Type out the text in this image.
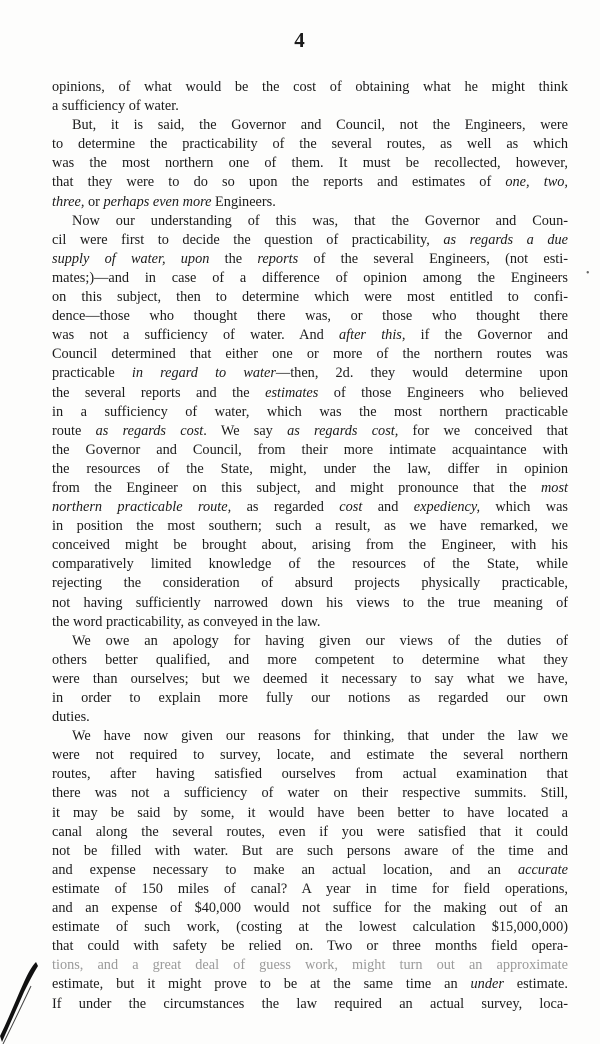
4
opinions, of what would be the cost of obtaining what he might think
a sufficiency of water.
But, it is said, the Governor and Council, not the Engineers, were
to determine the practicability of the several routes, as well as which
was the most northern one of them. It must be recollected, however,
that they were to do so upon the reports and estimates of one, two,
three, or perhaps even more Engineers.
Now our understanding of this was, that the Governor and Coun-
cil were first to decide the question of practicability, as regards a due
supply of water, upon the reports of the several Engineers, (not esti-
mates;)—and in case of a difference of opinion among the Engineers
on this subject, then to determine which were most entitled to confi-
dence—those who thought there was, or those who thought there
was not a sufficiency of water. And after this, if the Governor and
Council determined that either one or more of the northern routes was
practicable in regard to water—then, 2d. they would determine upon
the several reports and the estimates of those Engineers who believed
in a sufficiency of water, which was the most northern practicable
route as regards cost. We say as regards cost, for we conceived that
the Governor and Council, from their more intimate acquaintance with
the resources of the State, might, under the law, differ in opinion
from the Engineer on this subject, and might pronounce that the most
northern practicable route, as regarded cost and expediency, which was
in position the most southern; such a result, as we have remarked, we
conceived might be brought about, arising from the Engineer, with his
comparatively limited knowledge of the resources of the State, while
rejecting the consideration of absurd projects physically practicable,
not having sufficiently narrowed down his views to the true meaning of
the word practicability, as conveyed in the law.
We owe an apology for having given our views of the duties of
others better qualified, and more competent to determine what they
were than ourselves; but we deemed it necessary to say what we have,
in order to explain more fully our notions as regarded our own
duties.
We have now given our reasons for thinking, that under the law we
were not required to survey, locate, and estimate the several northern
routes, after having satisfied ourselves from actual examination that
there was not a sufficiency of water on their respective summits. Still,
it may be said by some, it would have been better to have located a
canal along the several routes, even if you were satisfied that it could
not be filled with water. But are such persons aware of the time and
and expense necessary to make an actual location, and an accurate
estimate of 150 miles of canal? A year in time for field operations,
and an expense of $40,000 would not suffice for the making out of an
estimate of such work, (costing at the lowest calculation $15,000,000)
that could with safety be relied on. Two or three months field opera-
tions, and a great deal of guess work, might turn out an approximate
estimate, but it might prove to be at the same time an under estimate.
If under the circumstances the law required an actual survey, loca-
•
